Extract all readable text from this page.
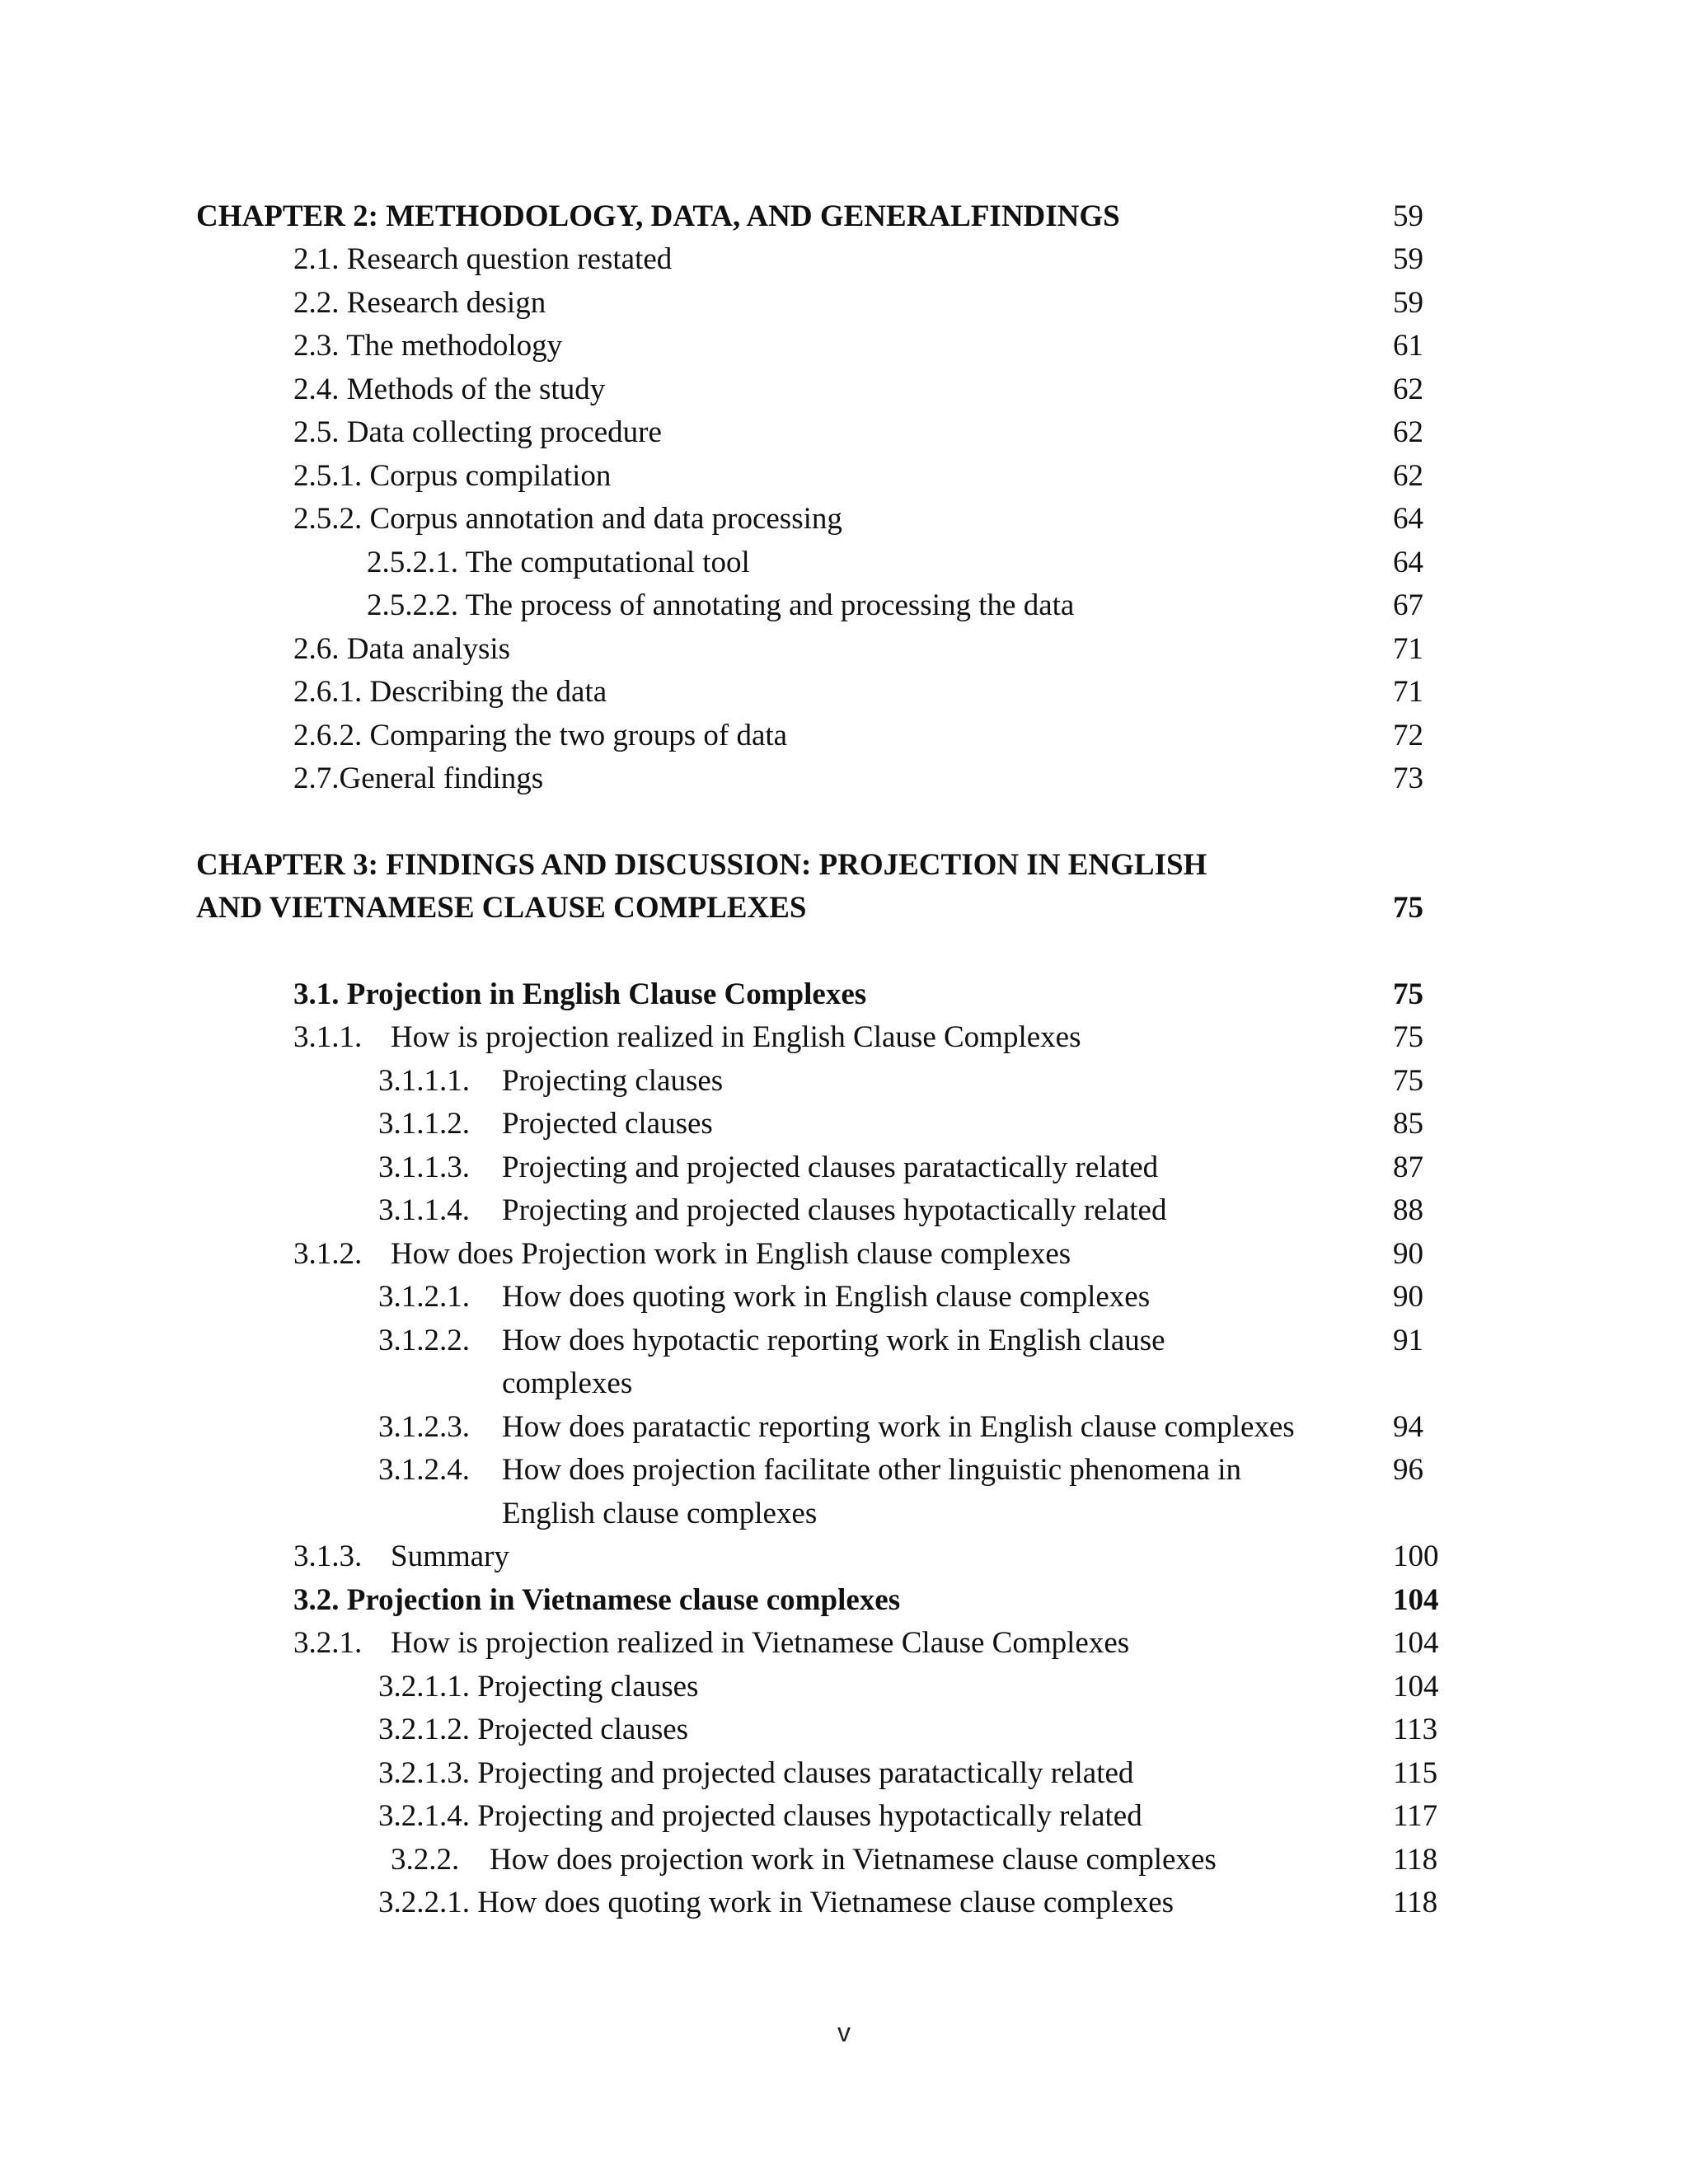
CHAPTER 2: METHODOLOGY, DATA, AND GENERALFINDINGS	59
2.1. Research question restated	59
2.2. Research design	59
2.3. The methodology	61
2.4. Methods of the study	62
2.5. Data collecting procedure	62
2.5.1. Corpus compilation	62
2.5.2. Corpus annotation and data processing	64
2.5.2.1. The computational tool	64
2.5.2.2. The process of annotating and processing the data	67
2.6. Data analysis	71
2.6.1. Describing the data	71
2.6.2. Comparing the two groups of data	72
2.7.General findings	73
CHAPTER 3: FINDINGS AND DISCUSSION: PROJECTION IN ENGLISH
AND VIETNAMESE CLAUSE COMPLEXES	75
3.1. Projection in English Clause Complexes	75
3.1.1. How is projection realized in English Clause Complexes	75
3.1.1.1. Projecting clauses	75
3.1.1.2. Projected clauses	85
3.1.1.3. Projecting and projected clauses paratactically related	87
3.1.1.4. Projecting and projected clauses hypotactically related	88
3.1.2. How does Projection work in English clause complexes	90
3.1.2.1. How does quoting work in English clause complexes	90
3.1.2.2. How does hypotactic reporting work in English clause	91
complexes
3.1.2.3. How does paratactic reporting work in English clause complexes	94
3.1.2.4. How does projection facilitate other linguistic phenomena in	96
English clause complexes
3.1.3. Summary	100
3.2. Projection in Vietnamese clause complexes	104
3.2.1. How is projection realized in Vietnamese Clause Complexes	104
3.2.1.1. Projecting clauses	104
3.2.1.2. Projected clauses	113
3.2.1.3. Projecting and projected clauses paratactically related	115
3.2.1.4. Projecting and projected clauses hypotactically related	117
3.2.2. How does projection work in Vietnamese clause complexes	118
3.2.2.1. How does quoting work in Vietnamese clause complexes	118
v
